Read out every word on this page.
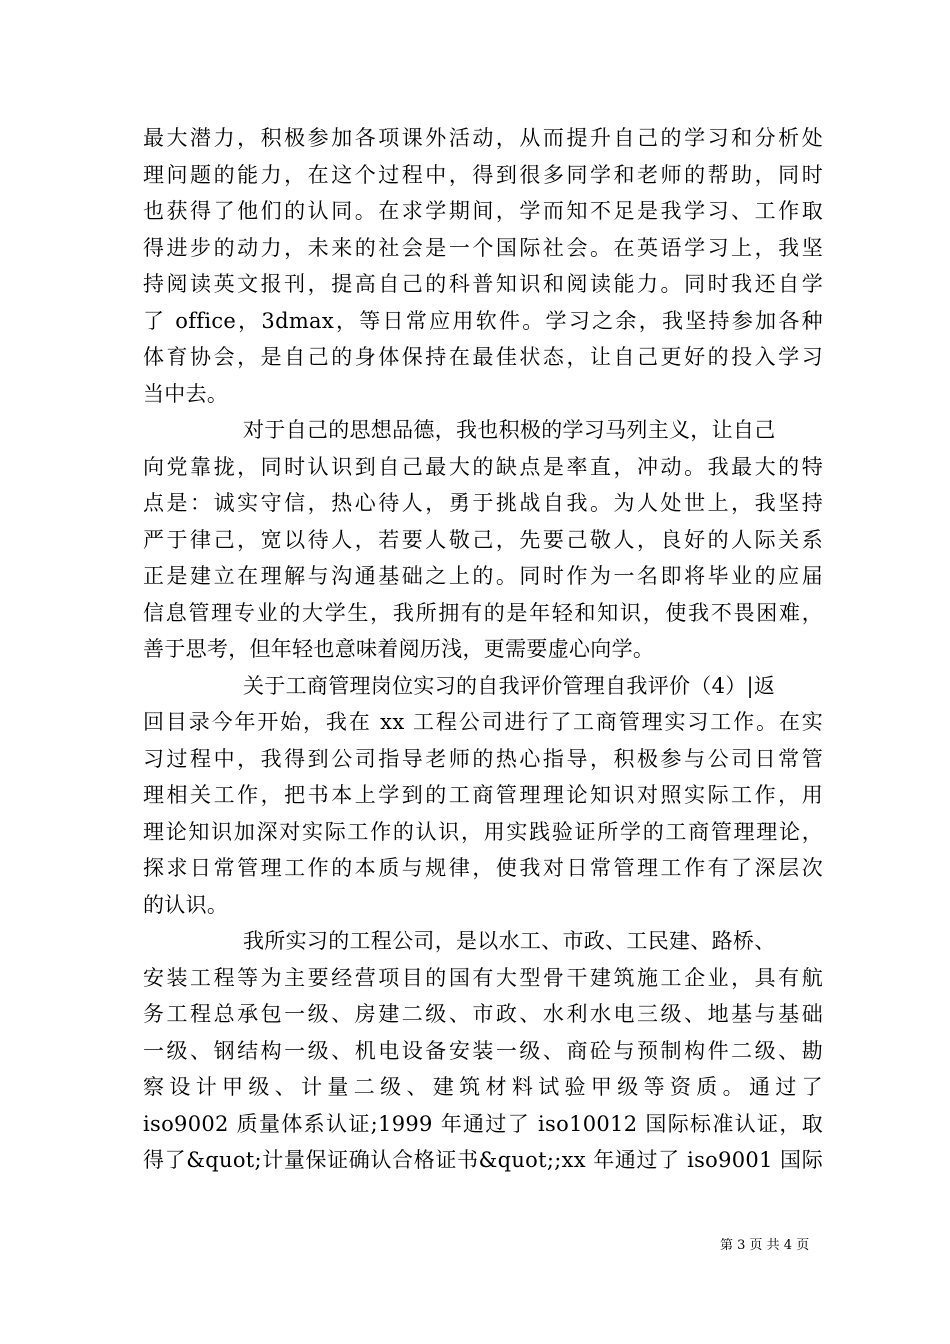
最大潜力，积极参加各项课外活动，从而提升自己的学习和分析处
理问题的能力，在这个过程中，得到很多同学和老师的帮助，同时
也获得了他们的认同。在求学期间，学而知不足是我学习、工作取
得进步的动力，未来的社会是一个国际社会。在英语学习上，我坚
持阅读英文报刊，提高自己的科普知识和阅读能力。同时我还自学
了 office，3dmax，等日常应用软件。学习之余，我坚持参加各种
体育协会，是自己的身体保持在最佳状态，让自己更好的投入学习
当中去。
对于自己的思想品德，我也积极的学习马列主义，让自己
向党靠拢，同时认识到自己最大的缺点是率直，冲动。我最大的特
点是：诚实守信，热心待人，勇于挑战自我。为人处世上，我坚持
严于律己，宽以待人，若要人敬己，先要己敬人，良好的人际关系
正是建立在理解与沟通基础之上的。同时作为一名即将毕业的应届
信息管理专业的大学生，我所拥有的是年轻和知识，使我不畏困难，
善于思考，但年轻也意味着阅历浅，更需要虚心向学。
关于工商管理岗位实习的自我评价管理自我评价（4）|返
回目录今年开始，我在 xx 工程公司进行了工商管理实习工作。在实
习过程中，我得到公司指导老师的热心指导，积极参与公司日常管
理相关工作，把书本上学到的工商管理理论知识对照实际工作，用
理论知识加深对实际工作的认识，用实践验证所学的工商管理理论，
探求日常管理工作的本质与规律，使我对日常管理工作有了深层次
的认识。
我所实习的工程公司，是以水工、市政、工民建、路桥、
安装工程等为主要经营项目的国有大型骨干建筑施工企业，具有航
务工程总承包一级、房建二级、市政、水利水电三级、地基与基础
一级、钢结构一级、机电设备安装一级、商砼与预制构件二级、勘
察设计甲级、计量二级、建筑材料试验甲级等资质。通过了
iso9002 质量体系认证;1999 年通过了 iso10012 国际标准认证，取
得了&quot;计量保证确认合格证书&quot;;xx 年通过了 iso9001 国际
第 3 页 共 4 页
